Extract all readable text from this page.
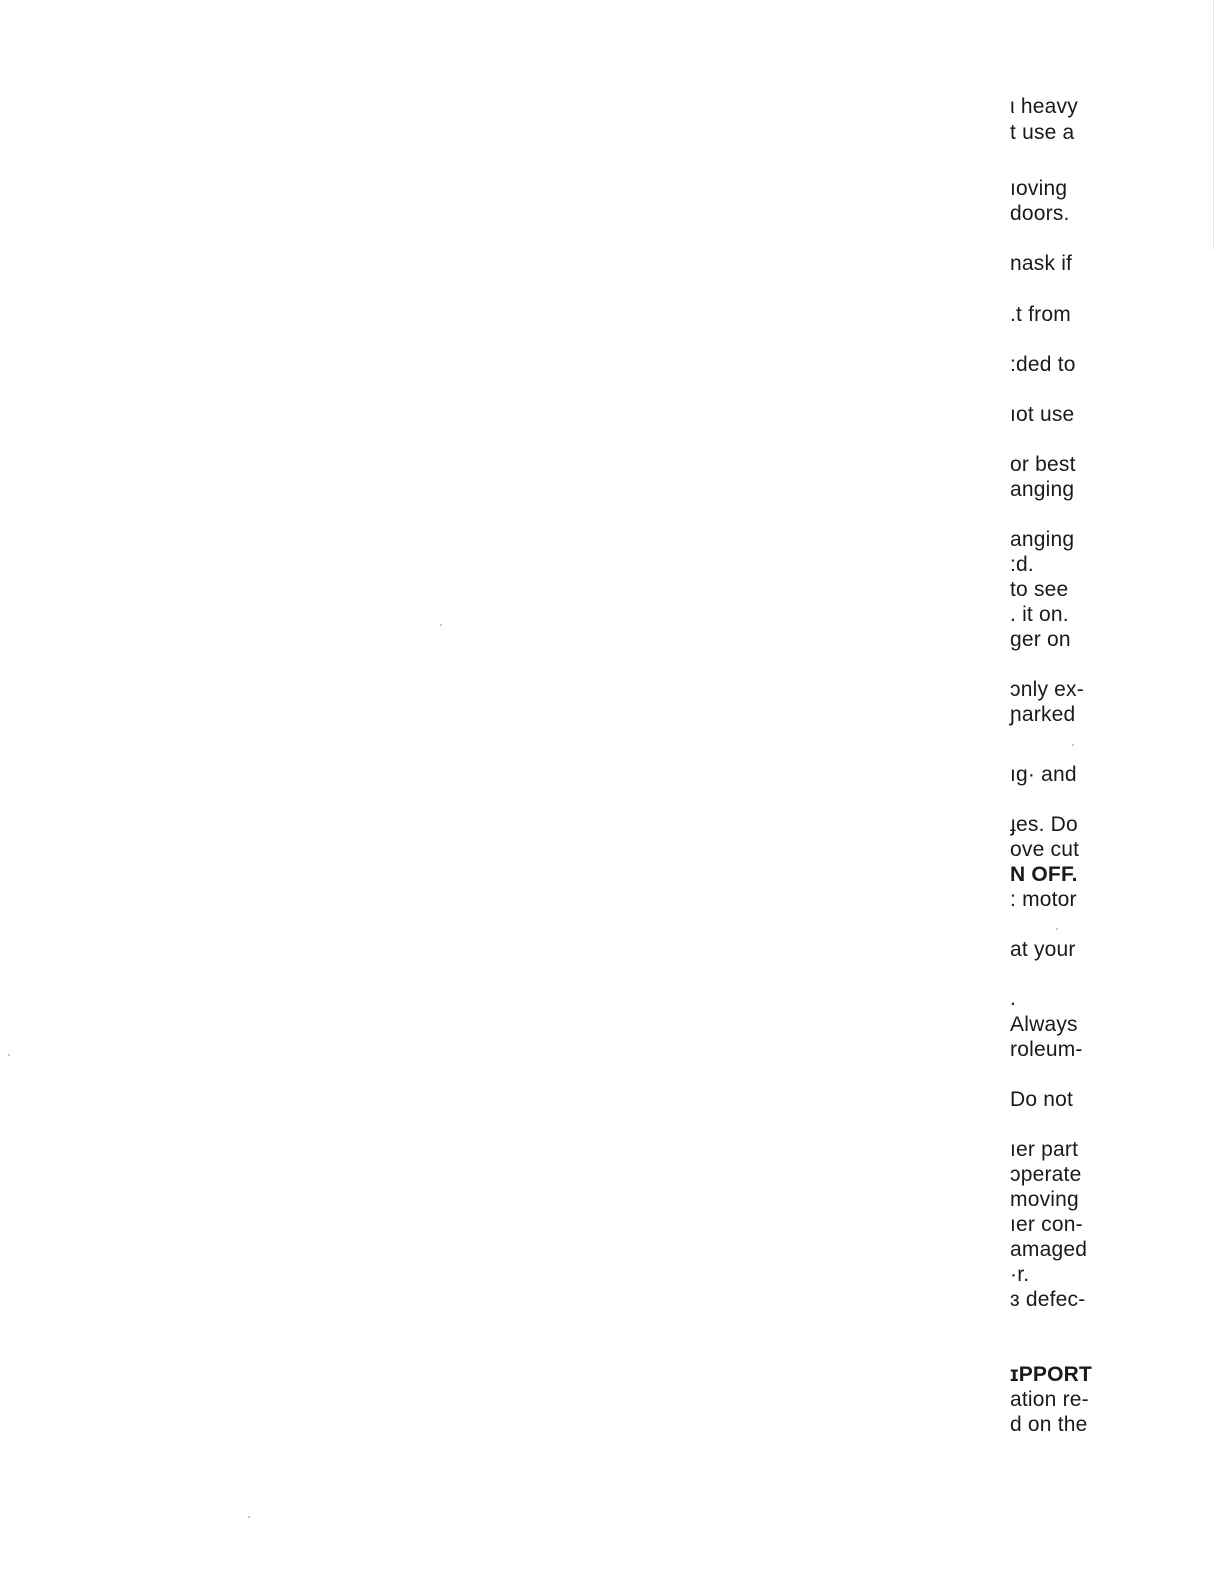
ι heavy
t use a
ıoving
doors.
nask if
.t from
:ded to
ıot use
or best
anging
anging
:d.
to see
. it on.
ger on
ɔnly ex-
ɲarked
ıg· and
ɟes. Do
ove cut
N OFF.
: motor
at your
.
Always
roleum-
Do not
ıer part
ɔperate
moving
ıer con-
amaged
·r.
ɜ defec-
ɪPPORT
ation re-
d on the
